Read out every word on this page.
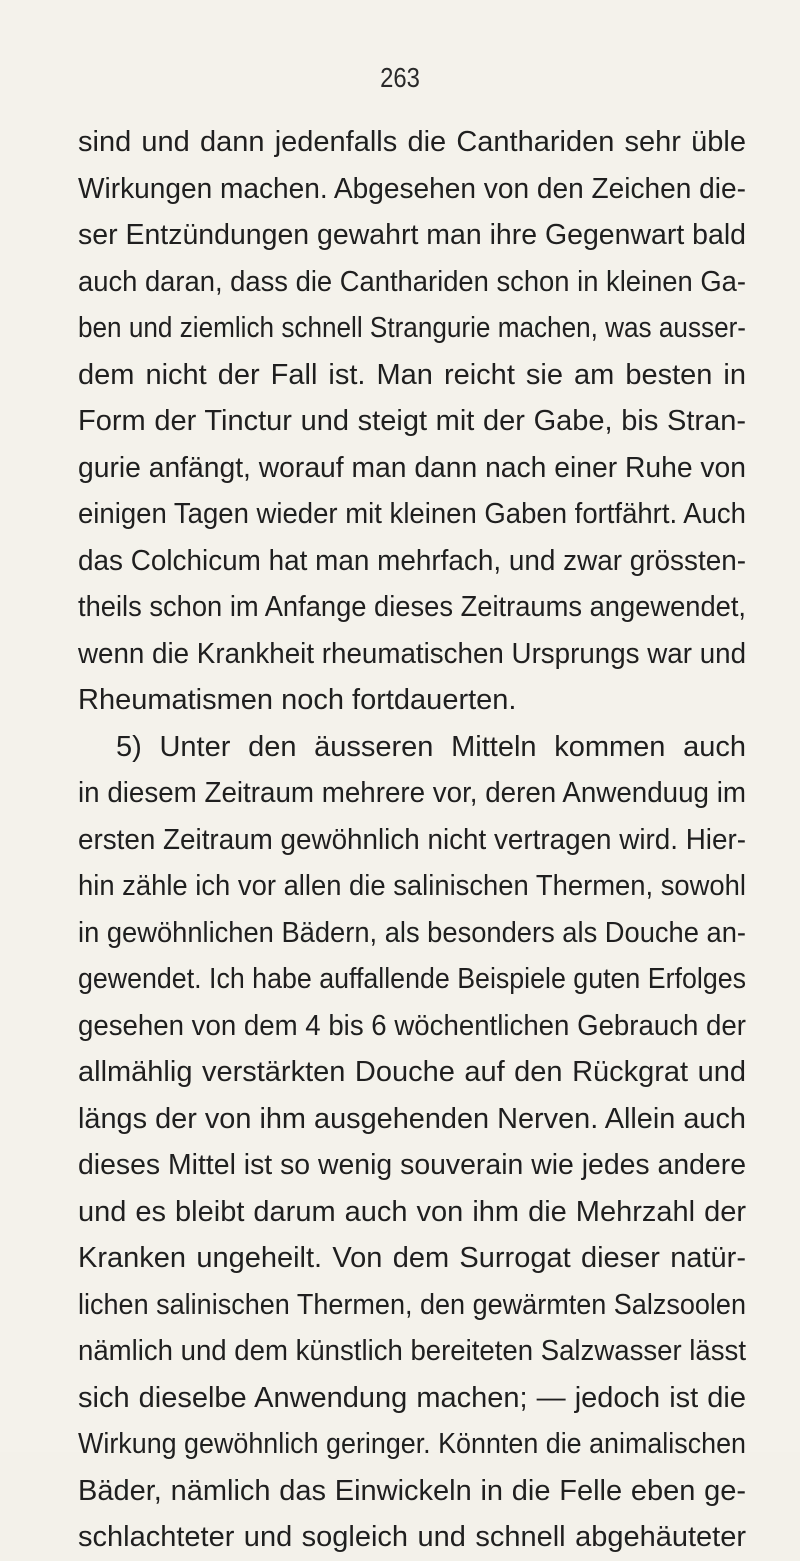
263
sind und dann jedenfalls die Canthariden sehr üble
Wirkungen machen. Abgesehen von den Zeichen die-
ser Entzündungen gewahrt man ihre Gegenwart bald
auch daran, dass die Canthariden schon in kleinen Ga-
ben und ziemlich schnell Strangurie machen, was ausser-
dem nicht der Fall ist. Man reicht sie am besten in
Form der Tinctur und steigt mit der Gabe, bis Stran-
gurie anfängt, worauf man dann nach einer Ruhe von
einigen Tagen wieder mit kleinen Gaben fortfährt. Auch
das Colchicum hat man mehrfach, und zwar grössten-
theils schon im Anfange dieses Zeitraums angewendet,
wenn die Krankheit rheumatischen Ursprungs war und
Rheumatismen noch fortdauerten.
5) Unter den äusseren Mitteln kommen auch
in diesem Zeitraum mehrere vor, deren Anwenduug im
ersten Zeitraum gewöhnlich nicht vertragen wird. Hier-
hin zähle ich vor allen die salinischen Thermen, sowohl
in gewöhnlichen Bädern, als besonders als Douche an-
gewendet. Ich habe auffallende Beispiele guten Erfolges
gesehen von dem 4 bis 6 wöchentlichen Gebrauch der
allmählig verstärkten Douche auf den Rückgrat und
längs der von ihm ausgehenden Nerven. Allein auch
dieses Mittel ist so wenig souverain wie jedes andere
und es bleibt darum auch von ihm die Mehrzahl der
Kranken ungeheilt. Von dem Surrogat dieser natür-
lichen salinischen Thermen, den gewärmten Salzsoolen
nämlich und dem künstlich bereiteten Salzwasser lässt
sich dieselbe Anwendung machen; — jedoch ist die
Wirkung gewöhnlich geringer. Könnten die animalischen
Bäder, nämlich das Einwickeln in die Felle eben ge-
schlachteter und sogleich und schnell abgehäuteter
